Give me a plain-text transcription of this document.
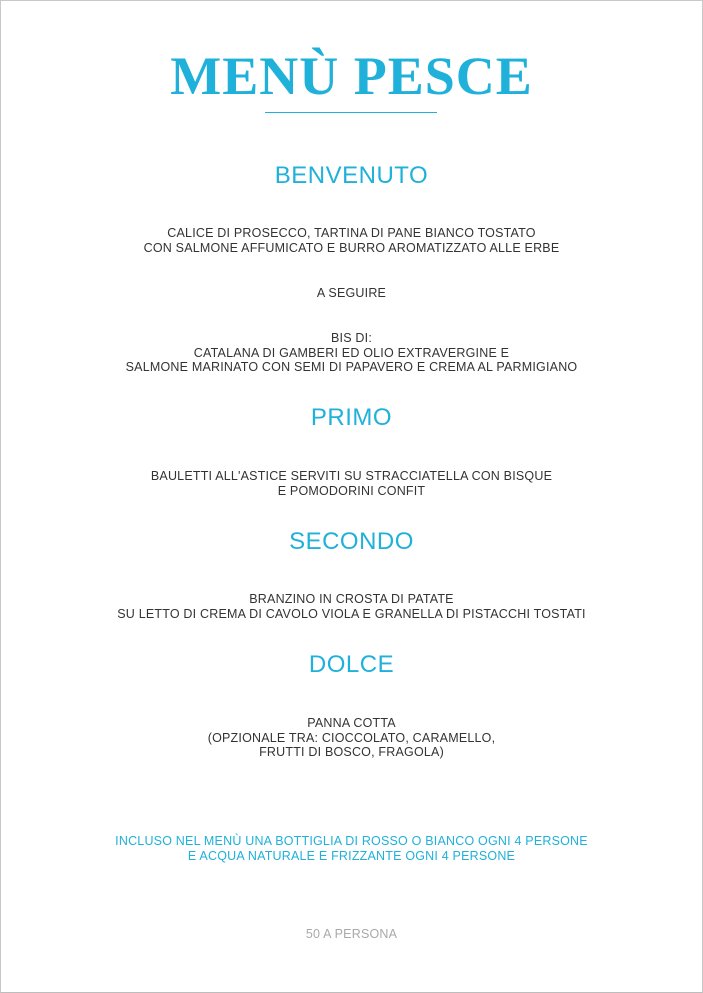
MENÙ PESCE
BENVENUTO
CALICE DI PROSECCO, TARTINA DI PANE BIANCO TOSTATO
CON SALMONE AFFUMICATO E BURRO AROMATIZZATO ALLE ERBE
A SEGUIRE
BIS DI:
CATALANA DI GAMBERI ED OLIO EXTRAVERGINE E
SALMONE MARINATO CON SEMI DI PAPAVERO E CREMA AL PARMIGIANO
PRIMO
BAULETTI ALL'ASTICE SERVITI SU STRACCIATELLA CON BISQUE
E POMODORINI CONFIT
SECONDO
BRANZINO IN CROSTA DI PATATE
SU LETTO DI CREMA DI CAVOLO VIOLA E GRANELLA DI PISTACCHI TOSTATI
DOLCE
PANNA COTTA
(OPZIONALE TRA: CIOCCOLATO, CARAMELLO,
FRUTTI DI BOSCO, FRAGOLA)
INCLUSO NEL MENÙ UNA BOTTIGLIA DI ROSSO O BIANCO OGNI 4 PERSONE
E ACQUA NATURALE E FRIZZANTE OGNI 4 PERSONE
50 A PERSONA
